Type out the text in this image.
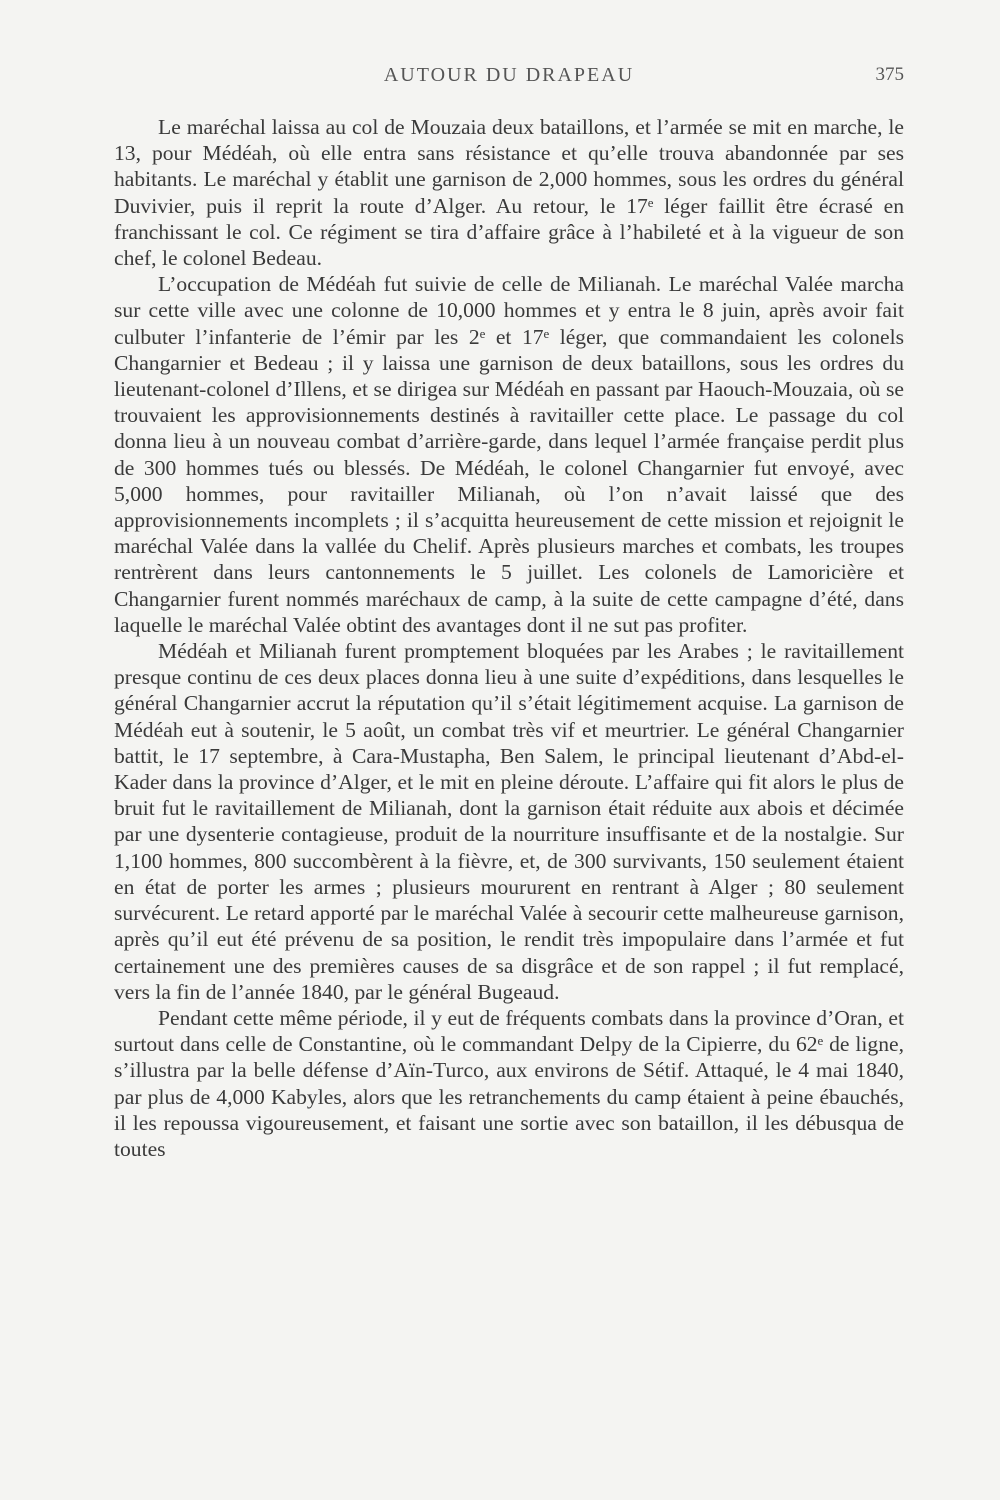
AUTOUR DU DRAPEAU	375

Le maréchal laissa au col de Mouzaia deux bataillons, et l’armée se mit en marche, le 13, pour Médéah, où elle entra sans résistance et qu’elle trouva abandonnée par ses habitants. Le maréchal y établit une garnison de 2,000 hommes, sous les ordres du général Duvivier, puis il reprit la route d’Alger. Au retour, le 17ᵉ léger faillit être écrasé en franchissant le col. Ce régiment se tira d’affaire grâce à l’habileté et à la vigueur de son chef, le colonel Bedeau.

L’occupation de Médéah fut suivie de celle de Milianah. Le maréchal Valée marcha sur cette ville avec une colonne de 10,000 hommes et y entra le 8 juin, après avoir fait culbuter l’infanterie de l’émir par les 2ᵉ et 17ᵉ léger, que commandaient les colonels Changarnier et Bedeau ; il y laissa une garnison de deux bataillons, sous les ordres du lieutenant-colonel d’Illens, et se dirigea sur Médéah en passant par Haouch-Mouzaia, où se trouvaient les approvisionnements destinés à ravitailler cette place. Le passage du col donna lieu à un nouveau combat d’arrière-garde, dans lequel l’armée française perdit plus de 300 hommes tués ou blessés. De Médéah, le colonel Changarnier fut envoyé, avec 5,000 hommes, pour ravitailler Milianah, où l’on n’avait laissé que des approvisionnements incomplets ; il s’acquitta heureusement de cette mission et rejoignit le maréchal Valée dans la vallée du Chelif. Après plusieurs marches et combats, les troupes rentrèrent dans leurs cantonnements le 5 juillet. Les colonels de Lamoricière et Changarnier furent nommés maréchaux de camp, à la suite de cette campagne d’été, dans laquelle le maréchal Valée obtint des avantages dont il ne sut pas profiter.

Médéah et Milianah furent promptement bloquées par les Arabes ; le ravitaillement presque continu de ces deux places donna lieu à une suite d’expéditions, dans lesquelles le général Changarnier accrut la réputation qu’il s’était légitimement acquise. La garnison de Médéah eut à soutenir, le 5 août, un combat très vif et meurtrier. Le général Changarnier battit, le 17 septembre, à Cara-Mustapha, Ben Salem, le principal lieutenant d’Abd-el-Kader dans la province d’Alger, et le mit en pleine déroute. L’affaire qui fit alors le plus de bruit fut le ravitaillement de Milianah, dont la garnison était réduite aux abois et décimée par une dysenterie contagieuse, produit de la nourriture insuffisante et de la nostalgie. Sur 1,100 hommes, 800 succombèrent à la fièvre, et, de 300 survivants, 150 seulement étaient en état de porter les armes ; plusieurs moururent en rentrant à Alger ; 80 seulement survécurent. Le retard apporté par le maréchal Valée à secourir cette malheureuse garnison, après qu’il eut été prévenu de sa position, le rendit très impopulaire dans l’armée et fut certainement une des premières causes de sa disgrâce et de son rappel ; il fut remplacé, vers la fin de l’année 1840, par le général Bugeaud.

Pendant cette même période, il y eut de fréquents combats dans la province d’Oran, et surtout dans celle de Constantine, où le commandant Delpy de la Cipierre, du 62ᵉ de ligne, s’illustra par la belle défense d’Aïn-Turco, aux environs de Sétif. Attaqué, le 4 mai 1840, par plus de 4,000 Kabyles, alors que les retranchements du camp étaient à peine ébauchés, il les repoussa vigoureusement, et faisant une sortie avec son bataillon, il les débusqua de toutes
